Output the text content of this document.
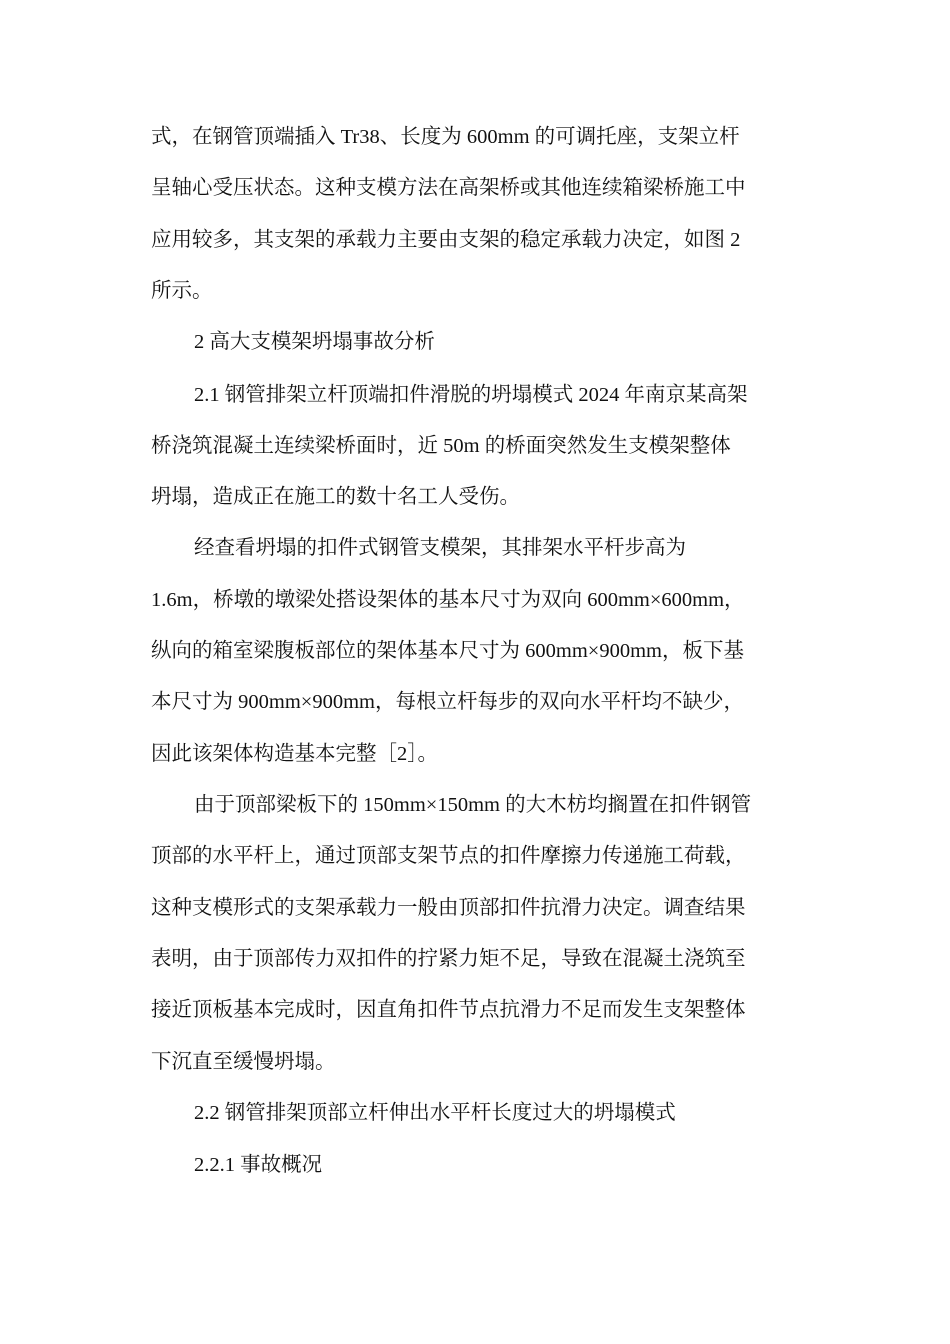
式，在钢管顶端插入 Tr38、长度为 600mm 的可调托座，支架立杆
呈轴心受压状态。这种支模方法在高架桥或其他连续箱梁桥施工中
应用较多，其支架的承载力主要由支架的稳定承载力决定，如图 2
所示。
2 高大支模架坍塌事故分析
2.1 钢管排架立杆顶端扣件滑脱的坍塌模式 2024 年南京某高架
桥浇筑混凝土连续梁桥面时，近 50m 的桥面突然发生支模架整体
坍塌，造成正在施工的数十名工人受伤。
经查看坍塌的扣件式钢管支模架，其排架水平杆步高为
1.6m，桥墩的墩梁处搭设架体的基本尺寸为双向 600mm×600mm，
纵向的箱室梁腹板部位的架体基本尺寸为 600mm×900mm，板下基
本尺寸为 900mm×900mm，每根立杆每步的双向水平杆均不缺少，
因此该架体构造基本完整［2］。
由于顶部梁板下的 150mm×150mm 的大木枋均搁置在扣件钢管
顶部的水平杆上，通过顶部支架节点的扣件摩擦力传递施工荷载，
这种支模形式的支架承载力一般由顶部扣件抗滑力决定。调查结果
表明，由于顶部传力双扣件的拧紧力矩不足，导致在混凝土浇筑至
接近顶板基本完成时，因直角扣件节点抗滑力不足而发生支架整体
下沉直至缓慢坍塌。
2.2 钢管排架顶部立杆伸出水平杆长度过大的坍塌模式
2.2.1 事故概况
